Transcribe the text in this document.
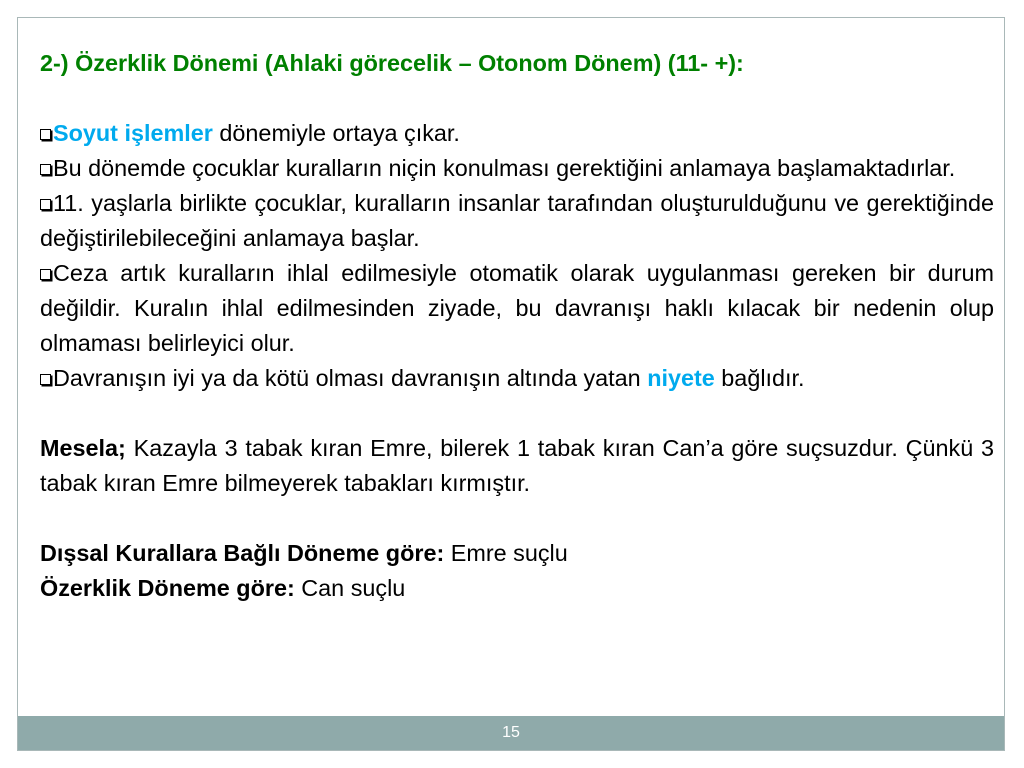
2-) Özerklik Dönemi (Ahlaki görecelik – Otonom Dönem) (11- +):

Soyut işlemler dönemiyle ortaya çıkar.

Bu dönemde çocuklar kuralların niçin konulması gerektiğini anlamaya başlamaktadırlar.

11. yaşlarla birlikte çocuklar, kuralların insanlar tarafından oluşturulduğunu ve gerektiğinde değiştirilebileceğini anlamaya başlar.

Ceza artık kuralların ihlal edilmesiyle otomatik olarak uygulanması gereken bir durum değildir. Kuralın ihlal edilmesinden ziyade, bu davranışı haklı kılacak bir nedenin olup olmaması belirleyici olur.

Davranışın iyi ya da kötü olması davranışın altında yatan niyete bağlıdır.

Mesela; Kazayla 3 tabak kıran Emre, bilerek 1 tabak kıran Can’a göre suçsuzdur. Çünkü 3 tabak kıran Emre bilmeyerek tabakları kırmıştır.

Dışsal Kurallara Bağlı Döneme göre: Emre suçlu

Özerklik Döneme göre: Can suçlu

15
